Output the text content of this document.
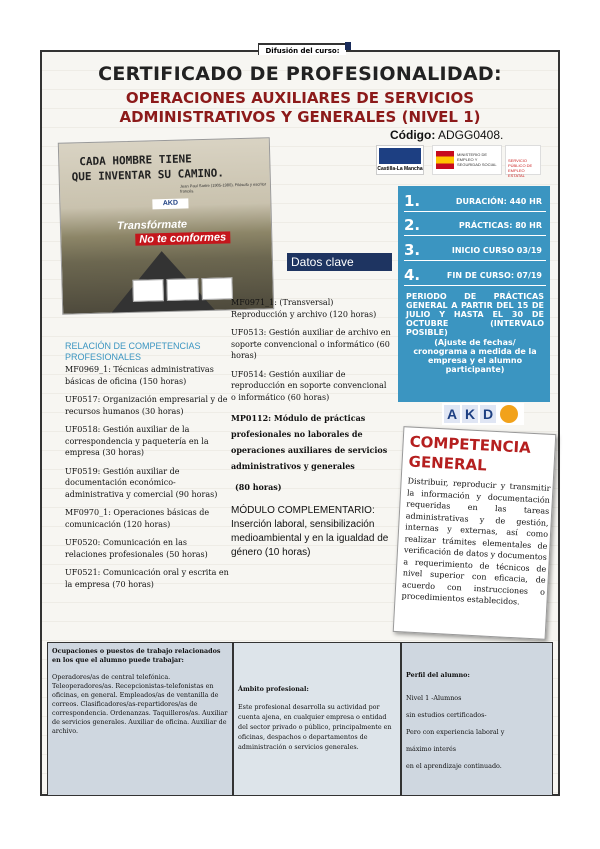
Difusión del curso:
CERTIFICADO DE PROFESIONALIDAD:
OPERACIONES AUXILIARES DE SERVICIOS ADMINISTRATIVOS Y GENERALES (NIVEL 1)
Código: ADGG0408.
Castilla-La Mancha
MINISTERIO DE EMPLEO Y SEGURIDAD SOCIAL
SERVICIO PÚBLICO DE EMPLEO ESTATAL
CADA HOMBRE TIENE
QUE INVENTAR SU CAMINO.
Jean Paul Sartre (1905-1980). Filósofo y escritor francés.
AKD
Transfórmate
No te conformes
Datos clave
1.	DURACIÓN: 440 HR
2.	PRÁCTICAS: 80 HR
3.	INICIO CURSO 03/19
4.	FIN DE CURSO: 07/19
PERIODO DE PRÁCTICAS GENERAL A PARTIR DEL 15 DE JULIO Y HASTA EL 30 DE OCTUBRE (INTERVALO POSIBLE)
(Ajuste de fechas/ cronograma a medida de la empresa y el alumno participante)
A K D
COMPETENCIA GENERAL
Distribuir, reproducir y transmitir la información y documentación requeridas en las tareas administrativas y de gestión, internas y externas, así como realizar trámites elementales de verificación de datos y documentos a requerimiento de técnicos de nivel superior con eficacia, de acuerdo con instrucciones o procedimientos establecidos.
RELACIÓN DE COMPETENCIAS PROFESIONALES

MF0969_1: Técnicas administrativas básicas de oficina (150 horas)

UF0517: Organización empresarial y de recursos humanos (30 horas)

UF0518: Gestión auxiliar de la correspondencia y paquetería en la empresa (30 horas)

UF0519: Gestión auxiliar de documentación económico-administrativa y comercial (90 horas)

MF0970_1: Operaciones básicas de comunicación (120 horas)

UF0520: Comunicación en las relaciones profesionales (50 horas)

UF0521: Comunicación oral y escrita en la empresa (70 horas)

MF0971_1: (Transversal) Reproducción y archivo (120 horas)

UF0513: Gestión auxiliar de archivo en soporte convencional o informático (60 horas)

UF0514: Gestión auxiliar de reproducción en soporte convencional o informático (60 horas)

MP0112: Módulo de prácticas profesionales no laborales de operaciones auxiliares de servicios administrativos y generales

(80 horas)

MÓDULO COMPLEMENTARIO: Inserción laboral, sensibilización medioambiental y en la igualdad de género (10 horas)

Ocupaciones o puestos de trabajo relacionados en los que el alumno puede trabajar:
Operadores/as de central telefónica. Teleoperadores/as. Recepcionistas-telefonistas en oficinas, en general. Empleados/as de ventanilla de correos. Clasificadores/as-repartidores/as de correspondencia. Ordenanzas. Taquilleros/as. Auxiliar de servicios generales. Auxiliar de oficina. Auxiliar de archivo.
Ámbito profesional:
Este profesional desarrolla su actividad por cuenta ajena, en cualquier empresa o entidad del sector privado o público, principalmente en oficinas, despachos o departamentos de administración o servicios generales.
Perfil del alumno:
Nivel 1 -Alumnos
sin estudios certificados-
Pero con experiencia laboral y
máximo interés
en el aprendizaje continuado.
